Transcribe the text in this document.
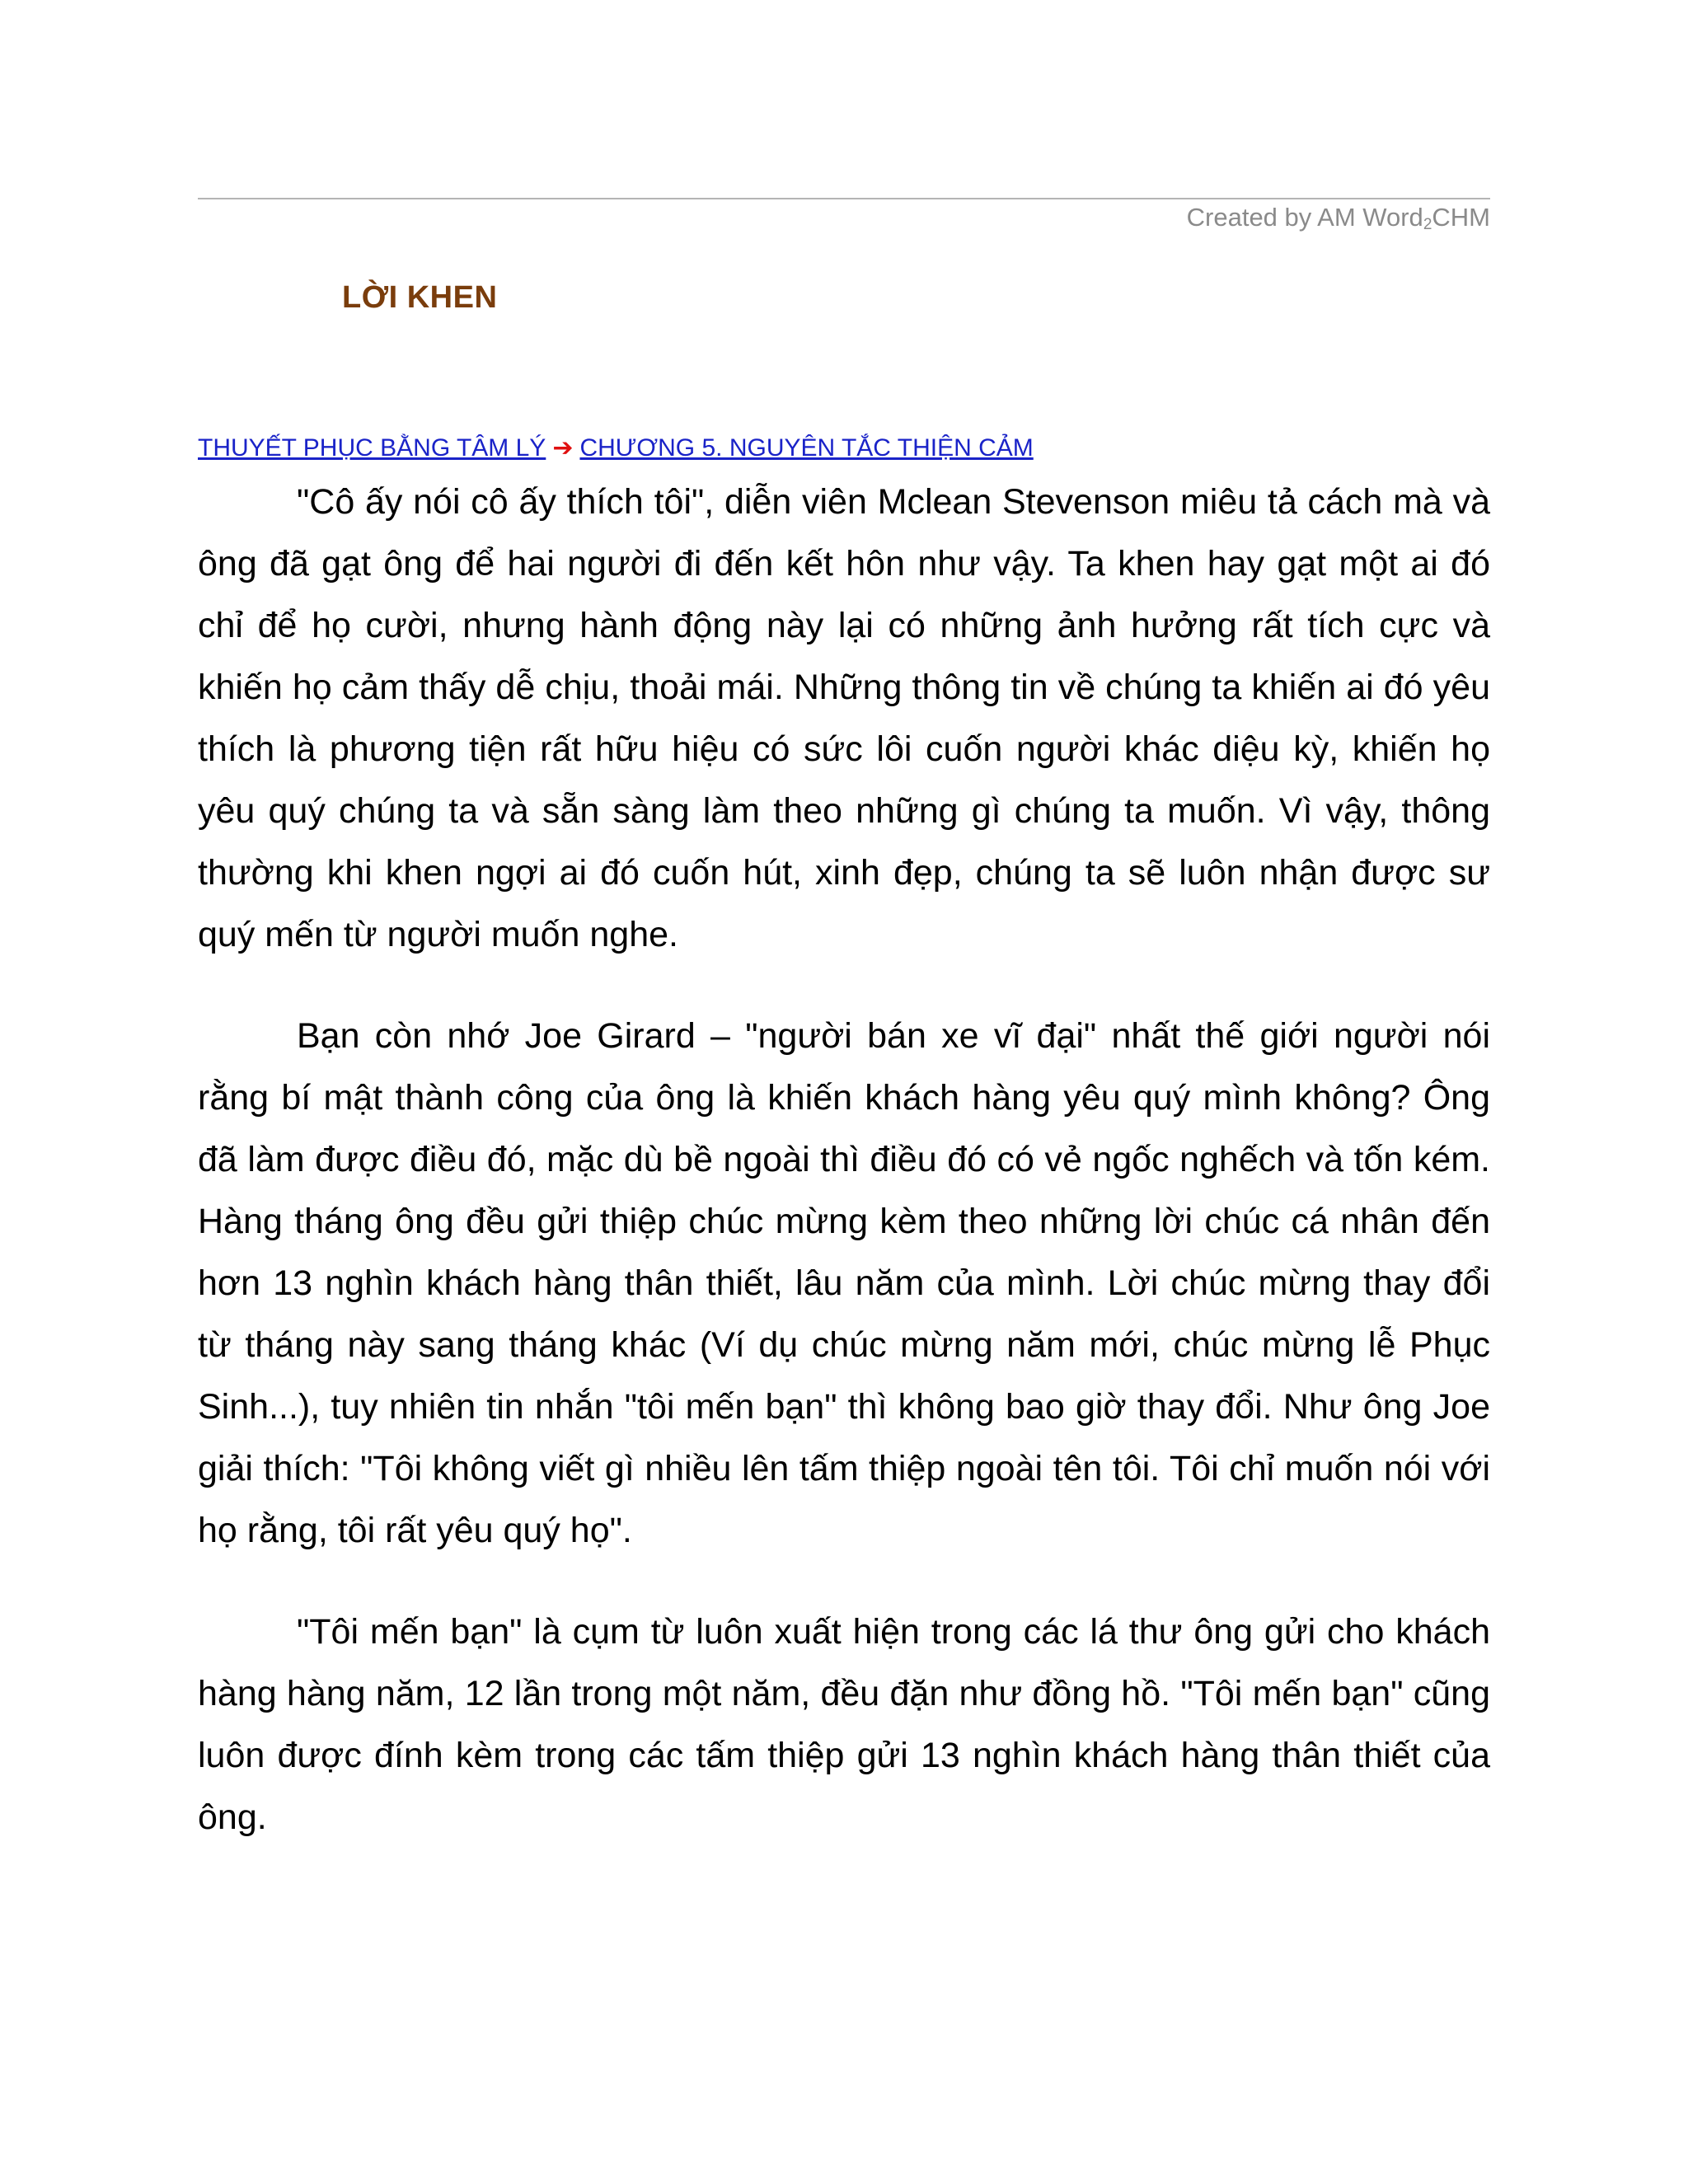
Created by AM Word$_2$CHM
LỜI KHEN
THUYẾT PHỤC BẰNG TÂM LÝ ➔ CHƯƠNG 5. NGUYÊN TẮC THIỆN CẢM

"Cô ấy nói cô ấy thích tôi", diễn viên Mclean Stevenson miêu tả cách mà và ông đã gạt ông để hai người đi đến kết hôn như vậy. Ta khen hay gạt một ai đó chỉ để họ cười, nhưng hành động này lại có những ảnh hưởng rất tích cực và khiến họ cảm thấy dễ chịu, thoải mái. Những thông tin về chúng ta khiến ai đó yêu thích là phương tiện rất hữu hiệu có sức lôi cuốn người khác diệu kỳ, khiến họ yêu quý chúng ta và sẵn sàng làm theo những gì chúng ta muốn. Vì vậy, thông thường khi khen ngợi ai đó cuốn hút, xinh đẹp, chúng ta sẽ luôn nhận được sư quý mến từ người muốn nghe.

Bạn còn nhớ Joe Girard – "người bán xe vĩ đại" nhất thế giới người nói rằng bí mật thành công của ông là khiến khách hàng yêu quý mình không? Ông đã làm được điều đó, mặc dù bề ngoài thì điều đó có vẻ ngốc nghếch và tốn kém. Hàng tháng ông đều gửi thiệp chúc mừng kèm theo những lời chúc cá nhân đến hơn 13 nghìn khách hàng thân thiết, lâu năm của mình. Lời chúc mừng thay đổi từ tháng này sang tháng khác (Ví dụ chúc mừng năm mới, chúc mừng lễ Phục Sinh...), tuy nhiên tin nhắn "tôi mến bạn" thì không bao giờ thay đổi. Như ông Joe giải thích: "Tôi không viết gì nhiều lên tấm thiệp ngoài tên tôi. Tôi chỉ muốn nói với họ rằng, tôi rất yêu quý họ".

"Tôi mến bạn" là cụm từ luôn xuất hiện trong các lá thư ông gửi cho khách hàng hàng năm, 12 lần trong một năm, đều đặn như đồng hồ. "Tôi mến bạn" cũng luôn được đính kèm trong các tấm thiệp gửi 13 nghìn khách hàng thân thiết của ông.
